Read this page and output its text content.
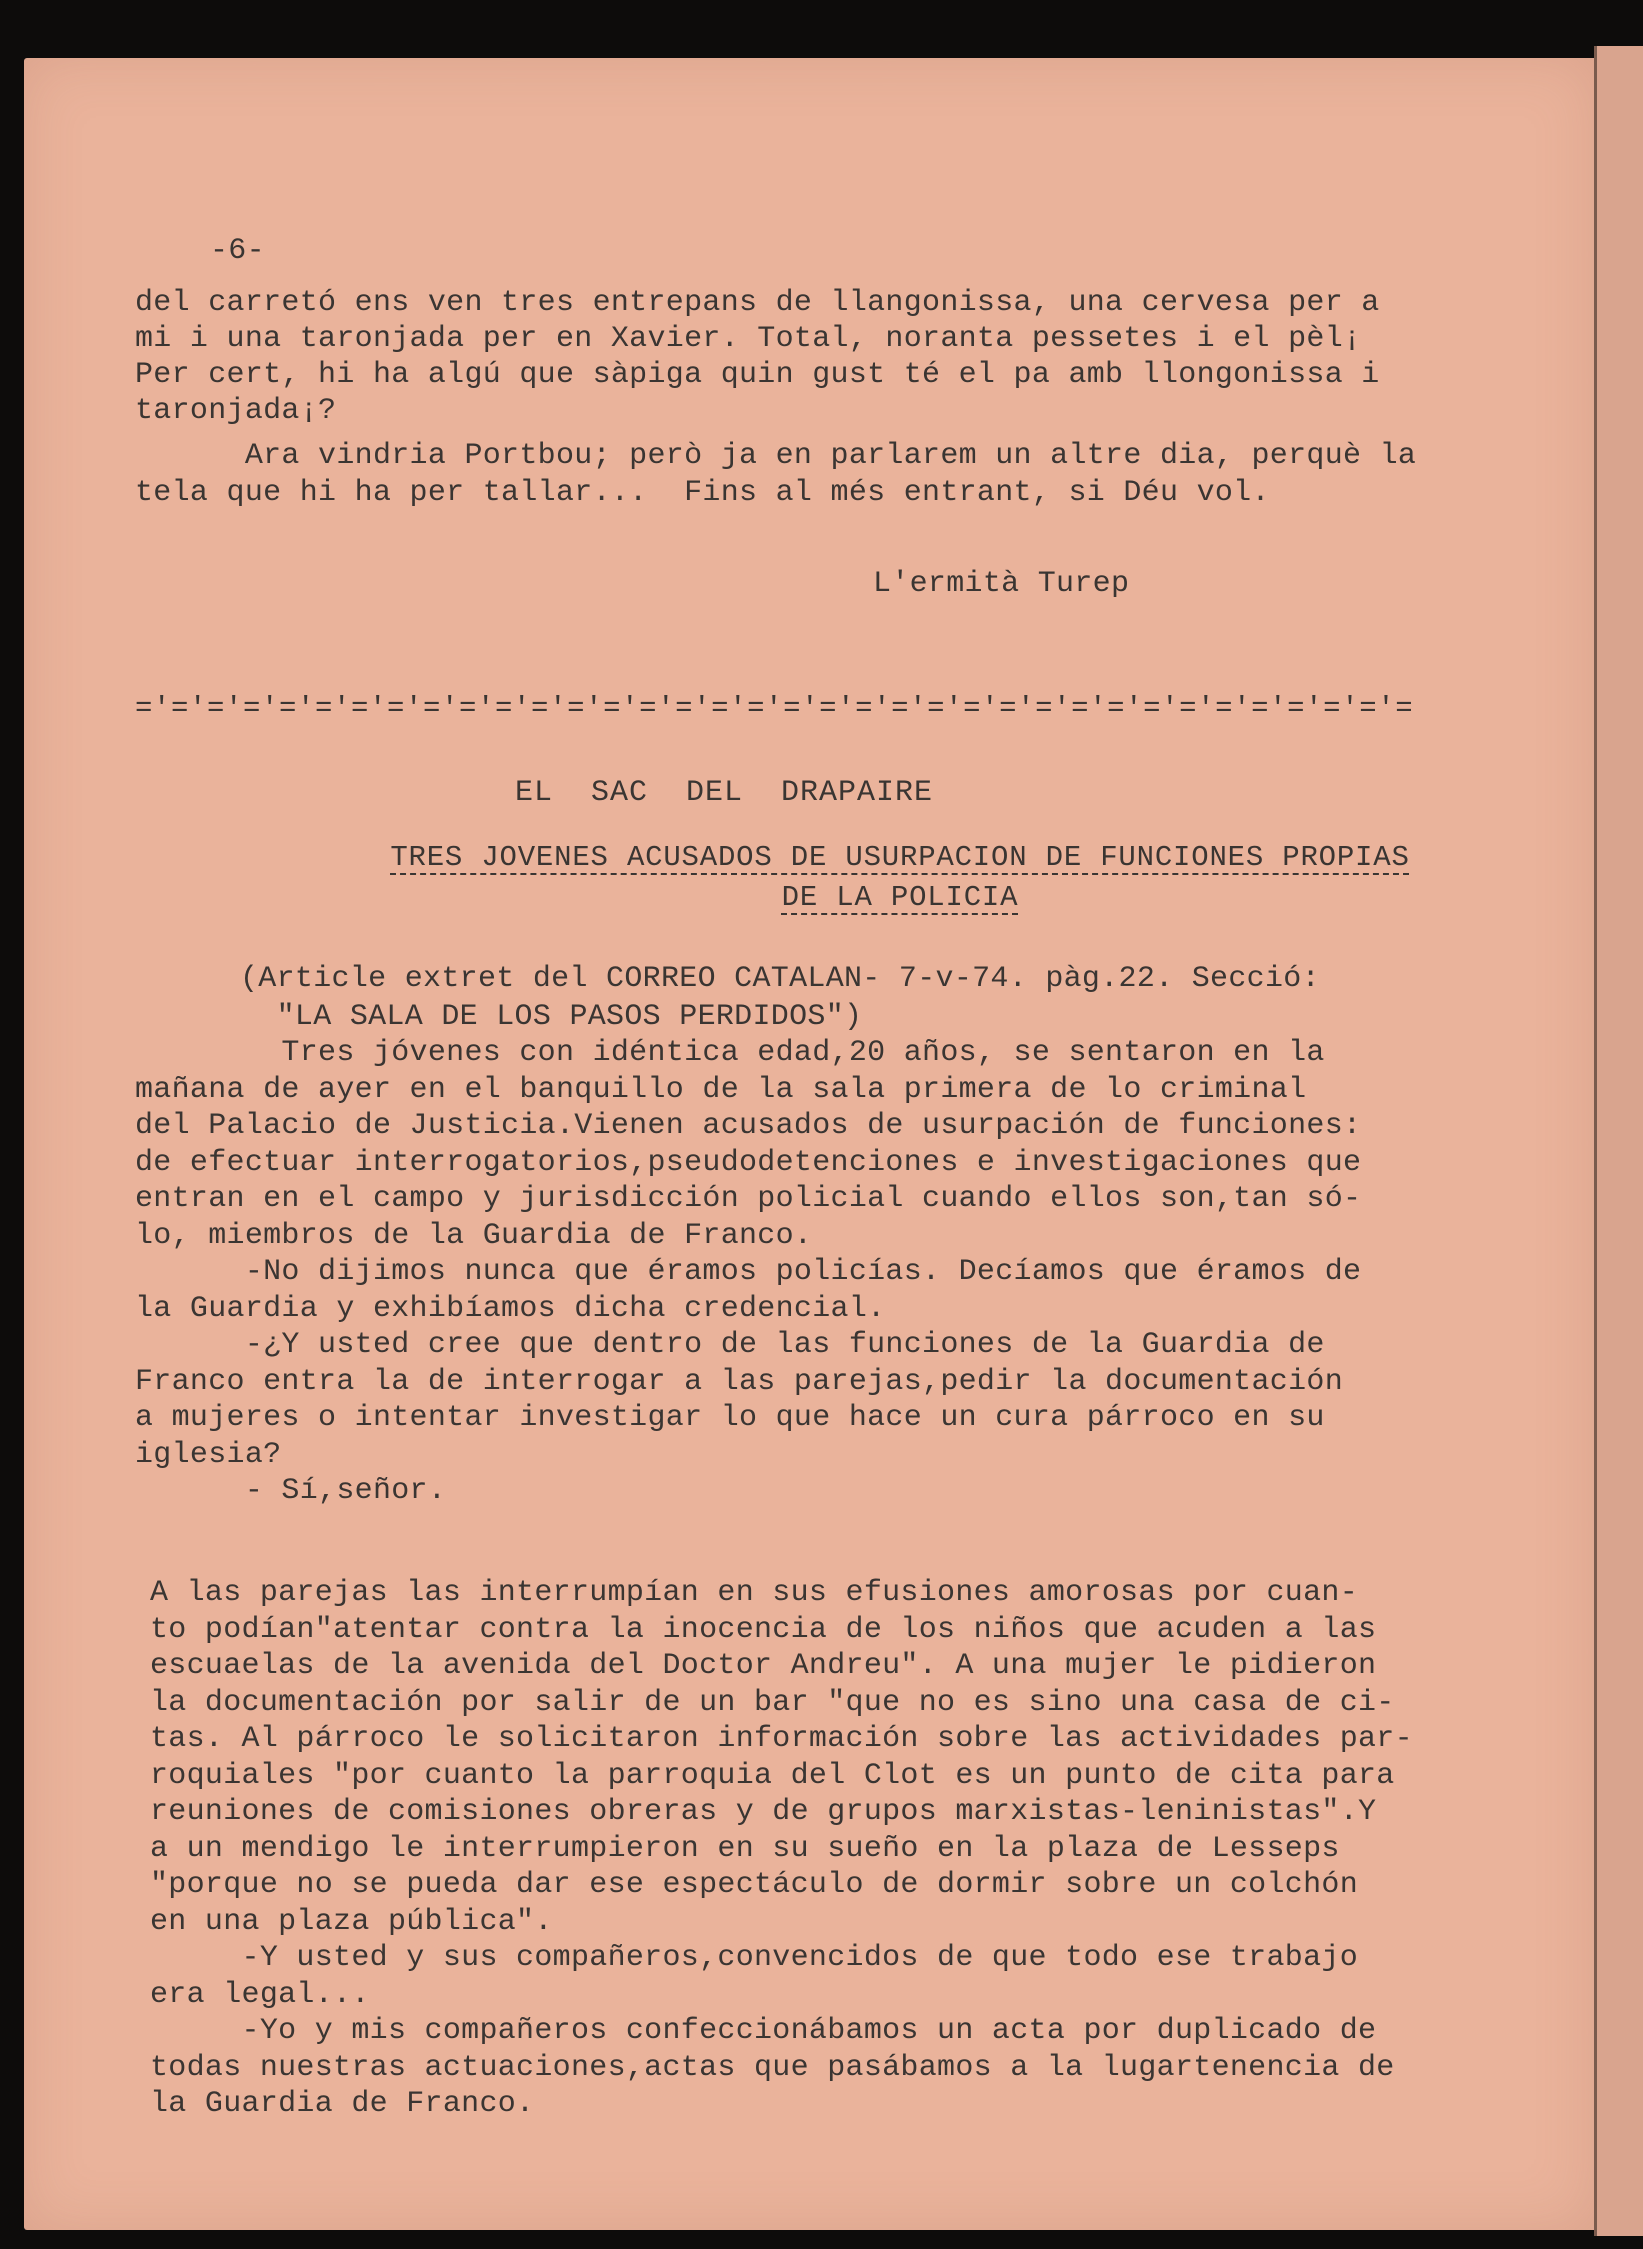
-6-
del carretó ens ven tres entrepans de llangonissa, una cervesa per a
mi i una taronjada per en Xavier. Total, noranta pessetes i el pèl¡
Per cert, hi ha algú que sàpiga quin gust té el pa amb llongonissa i
taronjada¡?
Ara vindria Portbou; però ja en parlarem un altre dia, perquè la
tela que hi ha per tallar...  Fins al més entrant, si Déu vol.
L'ermità Turep
='='='='='='='='='='='='='='='='='='='='='='='='='='='='='='='='='='='=
EL  SAC  DEL  DRAPAIRE
TRES JOVENES ACUSADOS DE USURPACION DE FUNCIONES PROPIAS
DE LA POLICIA
(Article extret del CORREO CATALAN- 7-v-74. pàg.22. Secció:
"LA SALA DE LOS PASOS PERDIDOS")
Tres jóvenes con idéntica edad,20 años, se sentaron en la
mañana de ayer en el banquillo de la sala primera de lo criminal
del Palacio de Justicia.Vienen acusados de usurpación de funciones:
de efectuar interrogatorios,pseudodetenciones e investigaciones que
entran en el campo y jurisdicción policial cuando ellos son,tan só-
lo, miembros de la Guardia de Franco.
-No dijimos nunca que éramos policías. Decíamos que éramos de
la Guardia y exhibíamos dicha credencial.
-¿Y usted cree que dentro de las funciones de la Guardia de
Franco entra la de interrogar a las parejas,pedir la documentación
a mujeres o intentar investigar lo que hace un cura párroco en su
iglesia?
- Sí,señor.
A las parejas las interrumpían en sus efusiones amorosas por cuan-
to podían"atentar contra la inocencia de los niños que acuden a las
escuaelas de la avenida del Doctor Andreu". A una mujer le pidieron
la documentación por salir de un bar "que no es sino una casa de ci-
tas. Al párroco le solicitaron información sobre las actividades par-
roquiales "por cuanto la parroquia del Clot es un punto de cita para
reuniones de comisiones obreras y de grupos marxistas-leninistas".Y
a un mendigo le interrumpieron en su sueño en la plaza de Lesseps
"porque no se pueda dar ese espectáculo de dormir sobre un colchón
en una plaza pública".
-Y usted y sus compañeros,convencidos de que todo ese trabajo
era legal...
-Yo y mis compañeros confeccionábamos un acta por duplicado de
todas nuestras actuaciones,actas que pasábamos a la lugartenencia de
la Guardia de Franco.
